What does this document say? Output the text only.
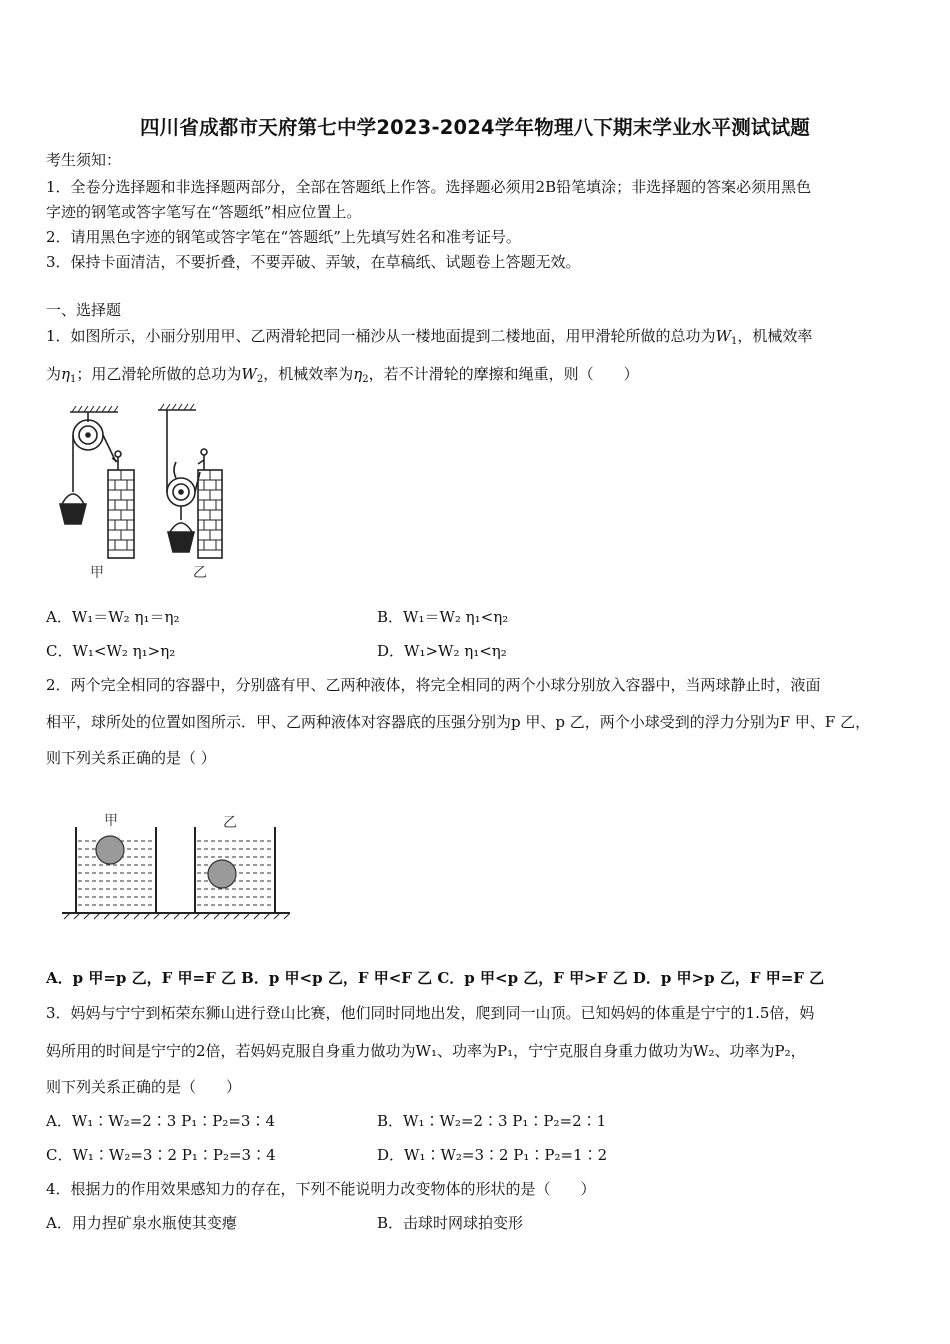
四川省成都市天府第七中学2023-2024学年物理八下期末学业水平测试试题
考生须知：
1．全卷分选择题和非选择题两部分，全部在答题纸上作答。选择题必须用2B铅笔填涂；非选择题的答案必须用黑色
字迹的钢笔或答字笔写在“答题纸”相应位置上。
2．请用黑色字迹的钢笔或答字笔在“答题纸”上先填写姓名和准考证号。
3．保持卡面清洁，不要折叠，不要弄破、弄皱，在草稿纸、试题卷上答题无效。
一、选择题
1．如图所示，小丽分别用甲、乙两滑轮把同一桶沙从一楼地面提到二楼地面，用甲滑轮所做的总功为$W_1$，机械效率
为$\eta_1$；用乙滑轮所做的总功为$W_2$，机械效率为$\eta_2$，若不计滑轮的摩擦和绳重，则（　　）
甲	乙
A．W₁＝W₂ η₁＝η₂	B．W₁＝W₂ η₁<η₂
C．W₁<W₂ η₁>η₂	D．W₁>W₂ η₁<η₂
2．两个完全相同的容器中，分别盛有甲、乙两种液体，将完全相同的两个小球分别放入容器中，当两球静止时，液面
相平，球所处的位置如图所示．甲、乙两种液体对容器底的压强分别为p 甲、p 乙，两个小球受到的浮力分别为F 甲、F 乙，
则下列关系正确的是（ ）
甲	乙
A．p 甲=p 乙，F 甲=F 乙 B．p 甲<p 乙，F 甲<F 乙 C．p 甲<p 乙，F 甲>F 乙 D．p 甲>p 乙，F 甲=F 乙
3．妈妈与宁宁到柘荣东狮山进行登山比赛，他们同时同地出发，爬到同一山顶。已知妈妈的体重是宁宁的1.5倍，妈
妈所用的时间是宁宁的2倍，若妈妈克服自身重力做功为W₁、功率为P₁，宁宁克服自身重力做功为W₂、功率为P₂，
则下列关系正确的是（　　）
A．W₁∶W₂=2∶3 P₁∶P₂=3∶4	B．W₁∶W₂=2∶3 P₁∶P₂=2∶1
C．W₁∶W₂=3∶2 P₁∶P₂=3∶4	D．W₁∶W₂=3∶2 P₁∶P₂=1∶2
4．根据力的作用效果感知力的存在，下列不能说明力改变物体的形状的是（　　）
A．用力捏矿泉水瓶使其变瘪	B．击球时网球拍变形
